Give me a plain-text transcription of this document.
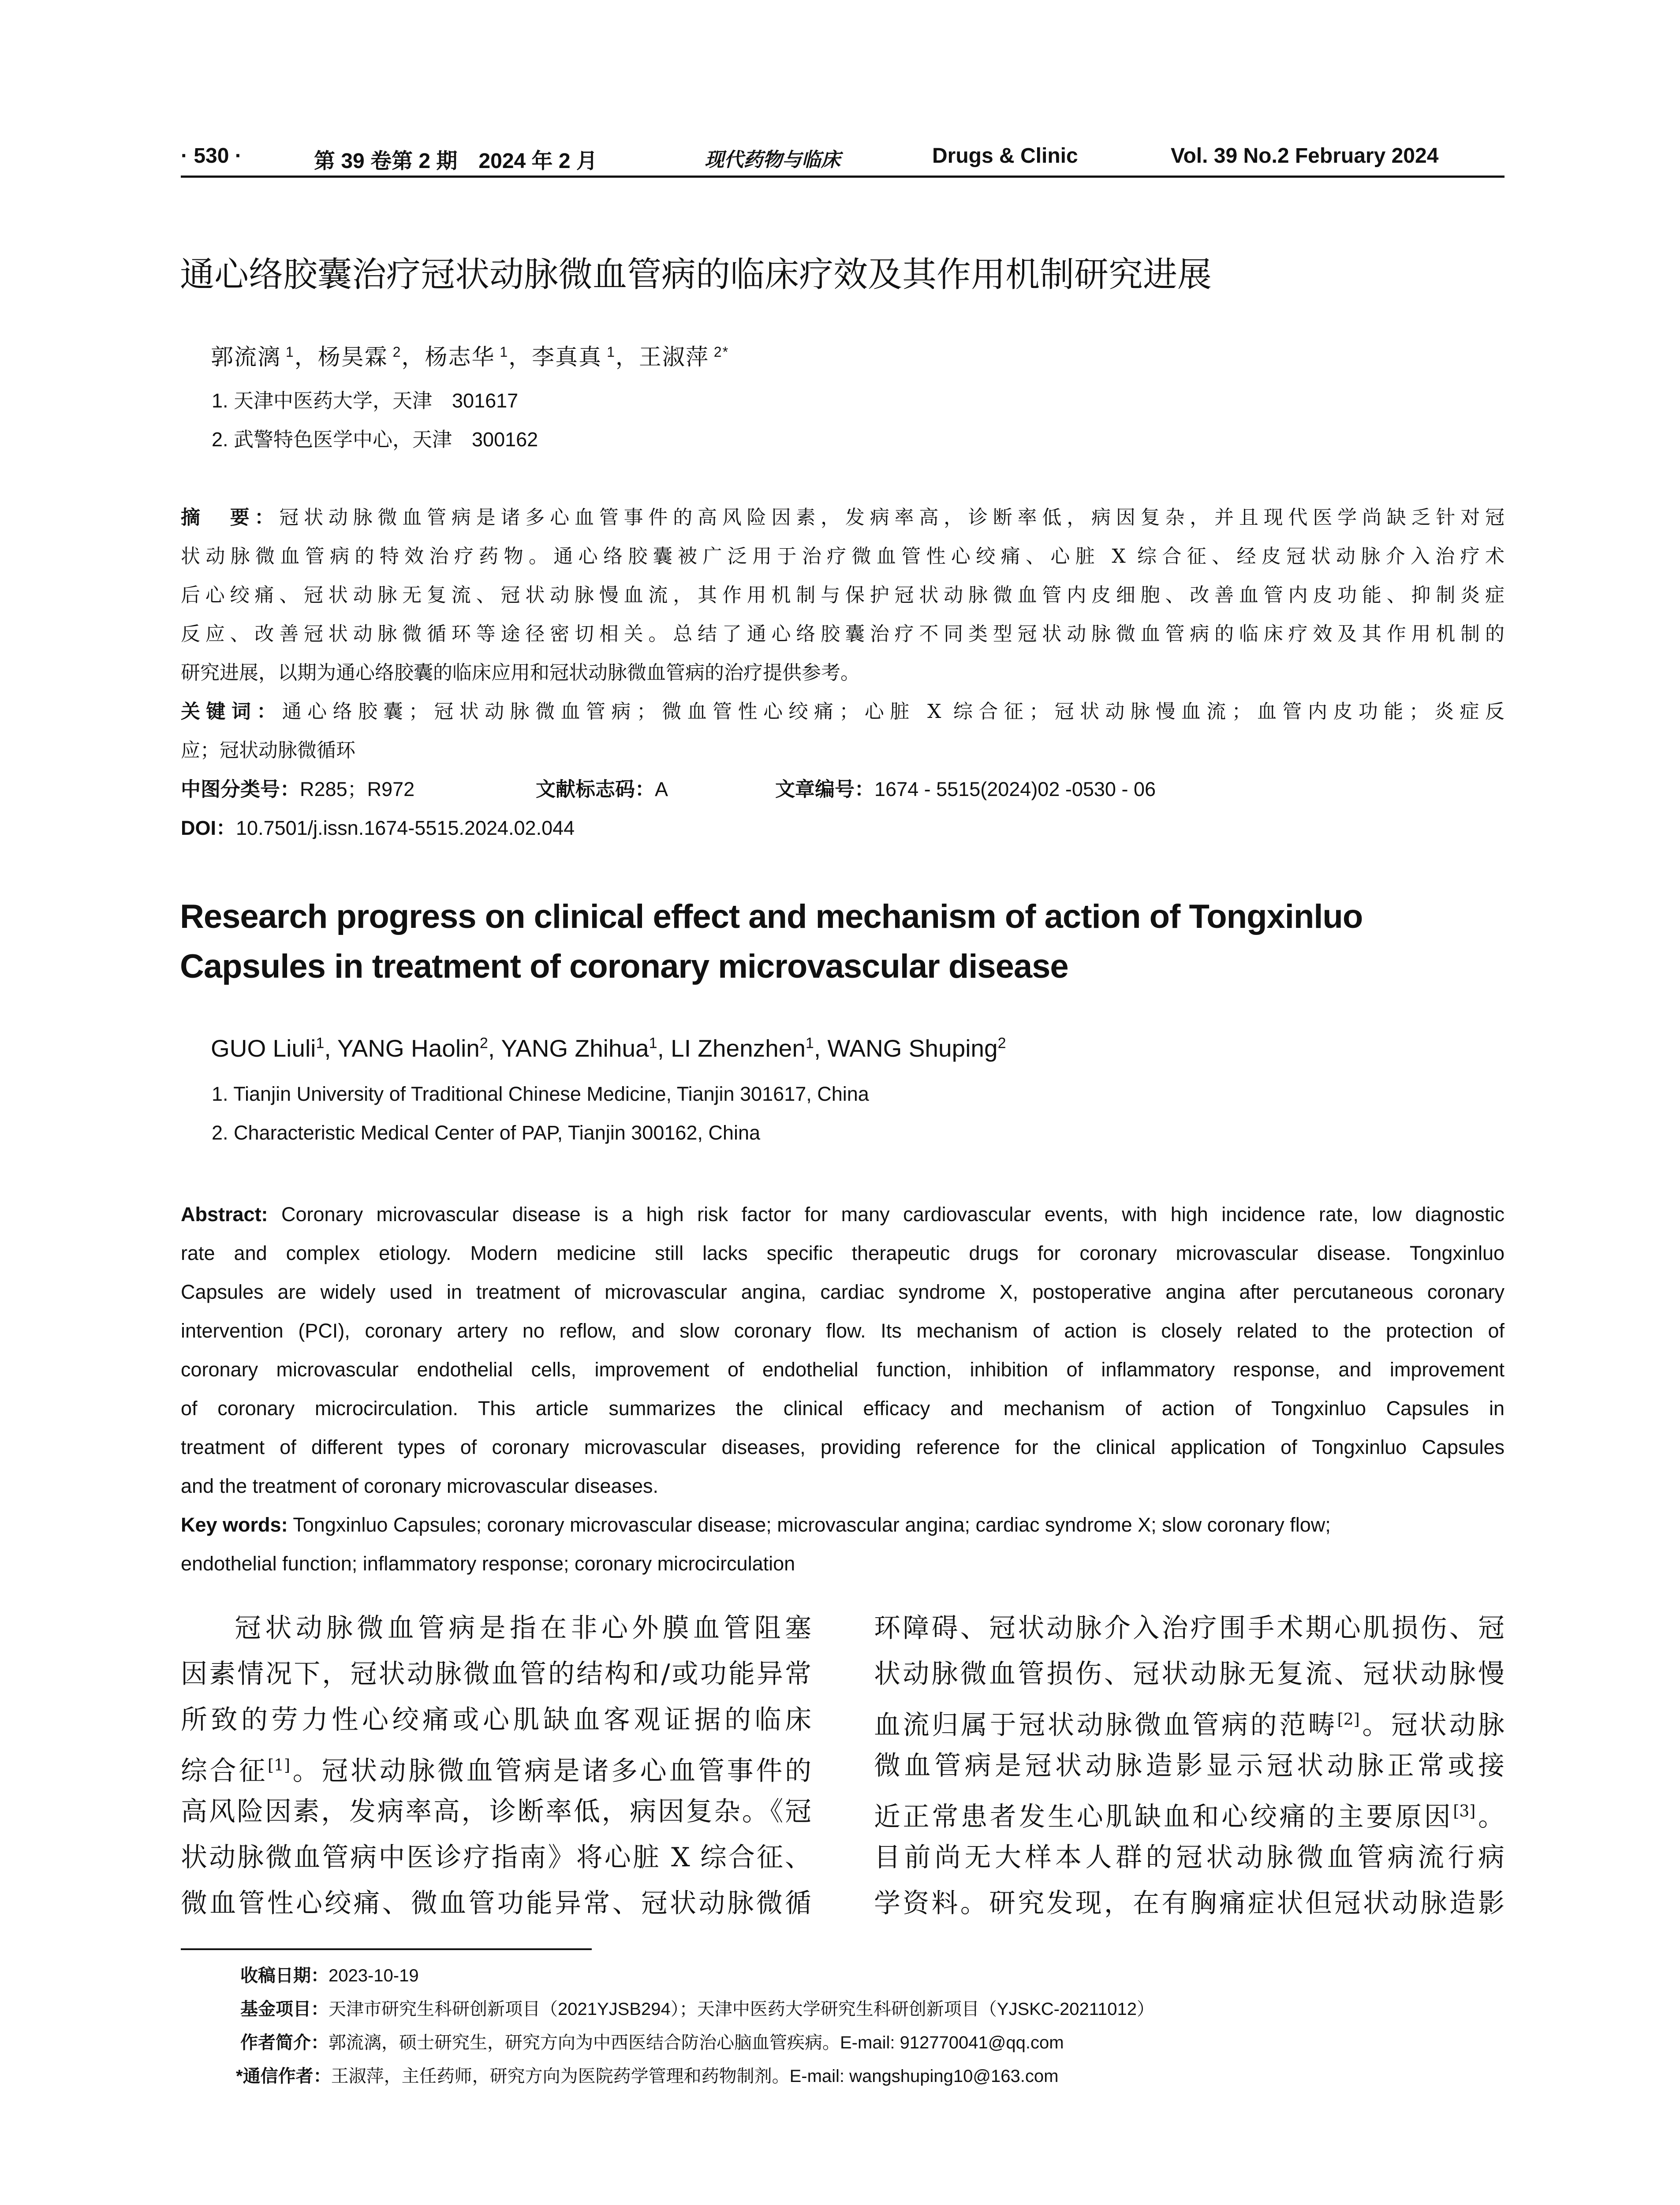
· 530 ·	第 39 卷第 2 期　2024 年 2 月	现代药物与临床	Drugs & Clinic	Vol. 39 No.2 February 2024
通心络胶囊治疗冠状动脉微血管病的临床疗效及其作用机制研究进展
郭流漓 $^1$，杨昊霖 $^2$，杨志华 $^1$，李真真 $^1$，王淑萍 $^{2*}$
1. 天津中医药大学，天津　301617
2. 武警特色医学中心，天津　300162
摘　要：冠状动脉微血管病是诸多心血管事件的高风险因素，发病率高，诊断率低，病因复杂，并且现代医学尚缺乏针对冠
状动脉微血管病的特效治疗药物。通心络胶囊被广泛用于治疗微血管性心绞痛、心脏 X 综合征、经皮冠状动脉介入治疗术
后心绞痛、冠状动脉无复流、冠状动脉慢血流，其作用机制与保护冠状动脉微血管内皮细胞、改善血管内皮功能、抑制炎症
反应、改善冠状动脉微循环等途径密切相关。总结了通心络胶囊治疗不同类型冠状动脉微血管病的临床疗效及其作用机制的
研究进展，以期为通心络胶囊的临床应用和冠状动脉微血管病的治疗提供参考。
关键词：通心络胶囊；冠状动脉微血管病；微血管性心绞痛；心脏 X 综合征；冠状动脉慢血流；血管内皮功能；炎症反
应；冠状动脉微循环
中图分类号：R285；R972	文献标志码：A	文章编号：1674 - 5515(2024)02 -0530 - 06
DOI：10.7501/j.issn.1674-5515.2024.02.044
Research progress on clinical effect and mechanism of action of Tongxinluo
Capsules in treatment of coronary microvascular disease
GUO Liuli$^1$, YANG Haolin$^2$, YANG Zhihua$^1$, LI Zhenzhen$^1$, WANG Shuping$^2$
1. Tianjin University of Traditional Chinese Medicine, Tianjin 301617, China
2. Characteristic Medical Center of PAP, Tianjin 300162, China
Abstract: Coronary microvascular disease is a high risk factor for many cardiovascular events, with high incidence rate, low diagnostic
rate and complex etiology. Modern medicine still lacks specific therapeutic drugs for coronary microvascular disease. Tongxinluo
Capsules are widely used in treatment of microvascular angina, cardiac syndrome X, postoperative angina after percutaneous coronary
intervention (PCI), coronary artery no reflow, and slow coronary flow. Its mechanism of action is closely related to the protection of
coronary microvascular endothelial cells, improvement of endothelial function, inhibition of inflammatory response, and improvement
of coronary microcirculation. This article summarizes the clinical efficacy and mechanism of action of Tongxinluo Capsules in
treatment of different types of coronary microvascular diseases, providing reference for the clinical application of Tongxinluo Capsules
and the treatment of coronary microvascular diseases.
Key words: Tongxinluo Capsules; coronary microvascular disease; microvascular angina; cardiac syndrome X; slow coronary flow;
endothelial function; inflammatory response; coronary microcirculation
冠状动脉微血管病是指在非心外膜血管阻塞
因素情况下，冠状动脉微血管的结构和/或功能异常
所致的劳力性心绞痛或心肌缺血客观证据的临床
综合征[1]。冠状动脉微血管病是诸多心血管事件的
高风险因素，发病率高，诊断率低，病因复杂。《冠
状动脉微血管病中医诊疗指南》将心脏 X 综合征、
微血管性心绞痛、微血管功能异常、冠状动脉微循
环障碍、冠状动脉介入治疗围手术期心肌损伤、冠
状动脉微血管损伤、冠状动脉无复流、冠状动脉慢
血流归属于冠状动脉微血管病的范畴[2]。冠状动脉
微血管病是冠状动脉造影显示冠状动脉正常或接
近正常患者发生心肌缺血和心绞痛的主要原因[3]。
目前尚无大样本人群的冠状动脉微血管病流行病
学资料。研究发现，在有胸痛症状但冠状动脉造影
收稿日期：2023-10-19
基金项目：天津市研究生科研创新项目（2021YJSB294）；天津中医药大学研究生科研创新项目（YJSKC-20211012）
作者简介：郭流漓，硕士研究生，研究方向为中西医结合防治心脑血管疾病。E-mail: 912770041@qq.com
*通信作者：王淑萍，主任药师，研究方向为医院药学管理和药物制剂。E-mail: wangshuping10@163.com
